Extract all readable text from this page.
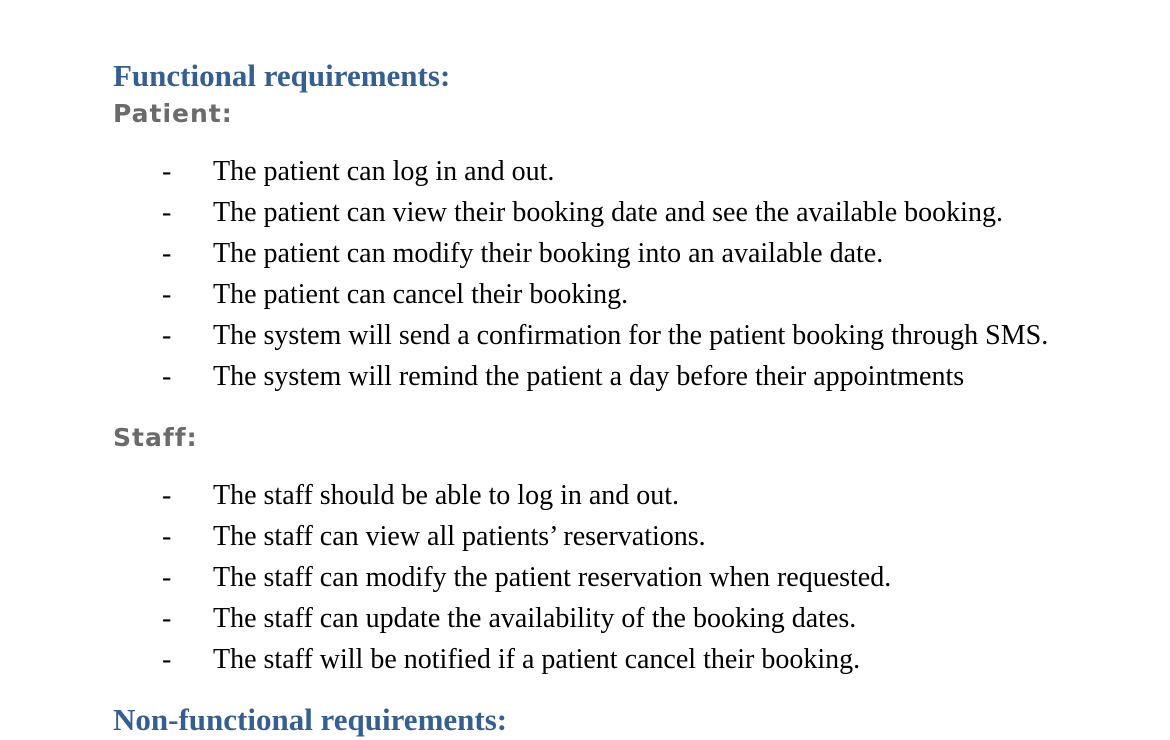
Functional requirements:
Patient:
- The patient can log in and out.
- The patient can view their booking date and see the available booking.
- The patient can modify their booking into an available date.
- The patient can cancel their booking.
- The system will send a confirmation for the patient booking through SMS.
- The system will remind the patient a day before their appointments
Staff:
- The staff should be able to log in and out.
- The staff can view all patients’ reservations.
- The staff can modify the patient reservation when requested.
- The staff can update the availability of the booking dates.
- The staff will be notified if a patient cancel their booking.
Non-functional requirements:
